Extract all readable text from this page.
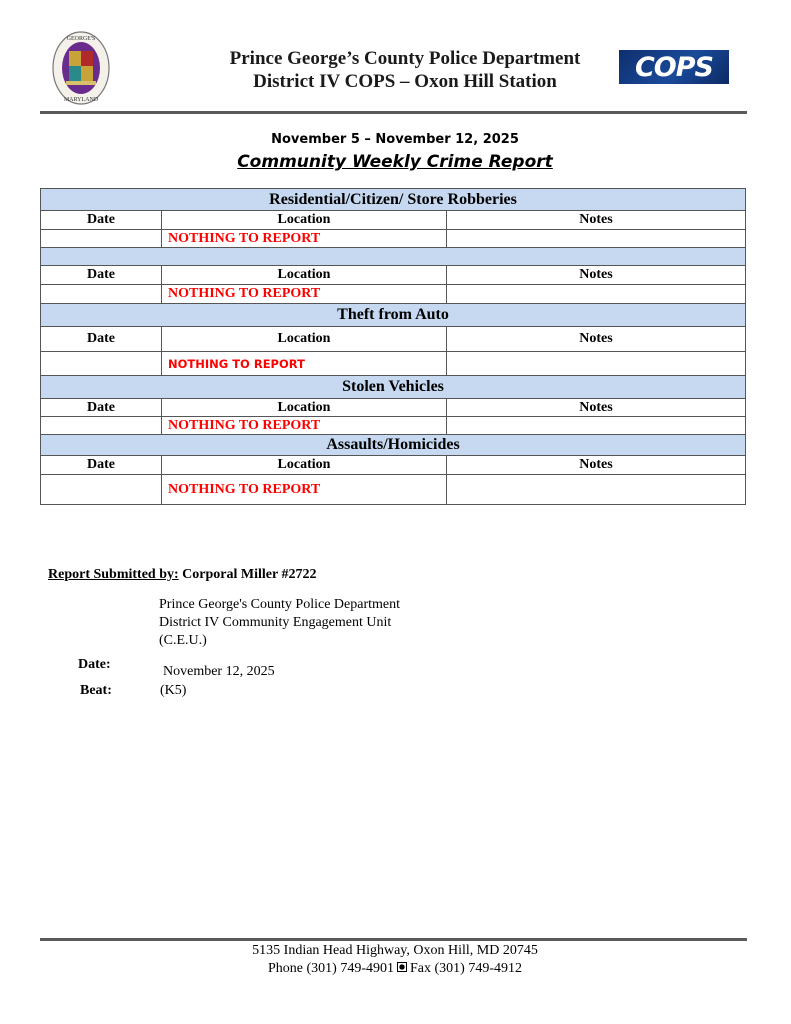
GEORGE'S
MARYLAND
Prince George’s County Police Department
District IV COPS – Oxon Hill Station	COPS
November 5 – November 12, 2025
Community Weekly Crime Report
Residential/Citizen/ Store Robberies		
Date	Location	Notes
	NOTHING TO REPORT	

Date	Location	Notes
	NOTHING TO REPORT	
Theft from Auto		
Date	Location	Notes
	NOTHING TO REPORT	
Stolen Vehicles		
Date	Location	Notes
	NOTHING TO REPORT	
Assaults/Homicides		
Date	Location	Notes
	NOTHING TO REPORT	
Report Submitted by: Corporal Miller #2722
Prince George's County Police Department
District IV Community Engagement Unit
(C.E.U.)
Date:	November 12, 2025
Beat:	(K5)
5135 Indian Head Highway, Oxon Hill, MD 20745
Phone (301) 749-4901 Fax (301) 749-4912
